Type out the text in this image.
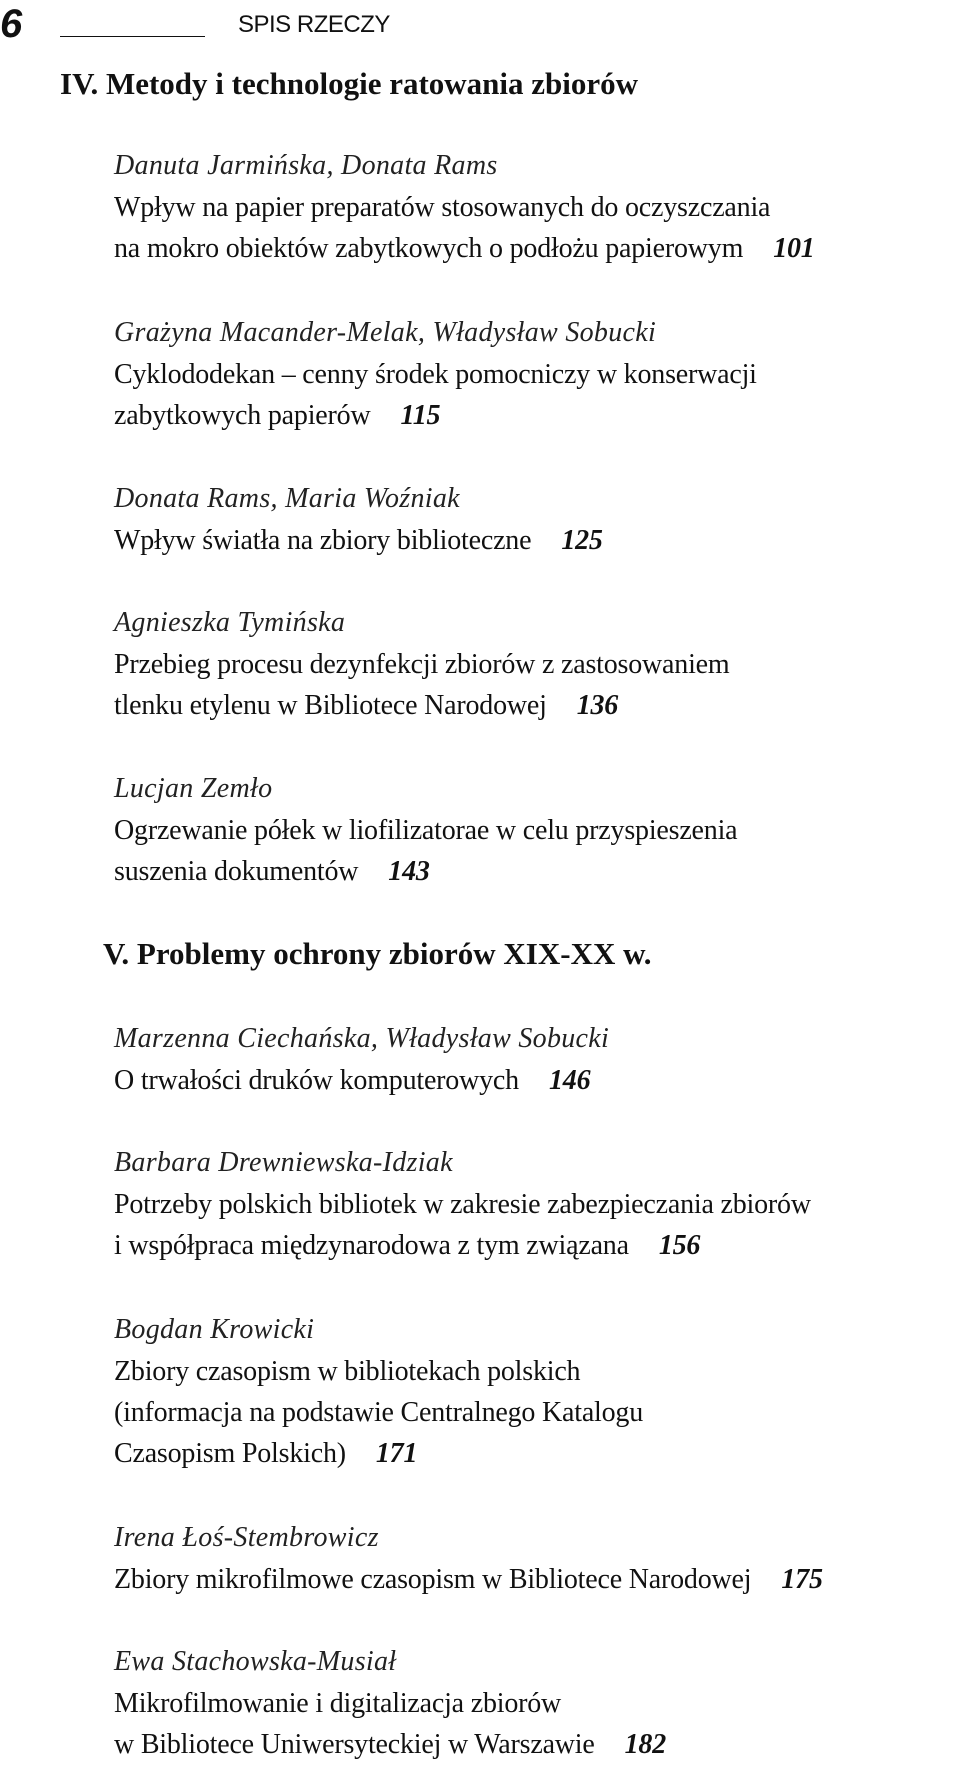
6	SPIS RZECZY
IV. Metody i technologie ratowania zbiorów
Danuta Jarmińska, Donata Rams
Wpływ na papier preparatów stosowanych do oczyszczania
na mokro obiektów zabytkowych o podłożu papierowym 101
Grażyna Macander-Melak, Władysław Sobucki
Cyklododekan – cenny środek pomocniczy w konserwacji
zabytkowych papierów 115
Donata Rams, Maria Woźniak
Wpływ światła na zbiory biblioteczne 125
Agnieszka Tymińska
Przebieg procesu dezynfekcji zbiorów z zastosowaniem
tlenku etylenu w Bibliotece Narodowej 136
Lucjan Zemło
Ogrzewanie półek w liofilizatorae w celu przyspieszenia
suszenia dokumentów 143
V. Problemy ochrony zbiorów XIX-XX w.
Marzenna Ciechańska, Władysław Sobucki
O trwałości druków komputerowych 146
Barbara Drewniewska-Idziak
Potrzeby polskich bibliotek w zakresie zabezpieczania zbiorów
i współpraca międzynarodowa z tym związana 156
Bogdan Krowicki
Zbiory czasopism w bibliotekach polskich
(informacja na podstawie Centralnego Katalogu
Czasopism Polskich) 171
Irena Łoś-Stembrowicz
Zbiory mikrofilmowe czasopism w Bibliotece Narodowej 175
Ewa Stachowska-Musiał
Mikrofilmowanie i digitalizacja zbiorów
w Bibliotece Uniwersyteckiej w Warszawie 182
